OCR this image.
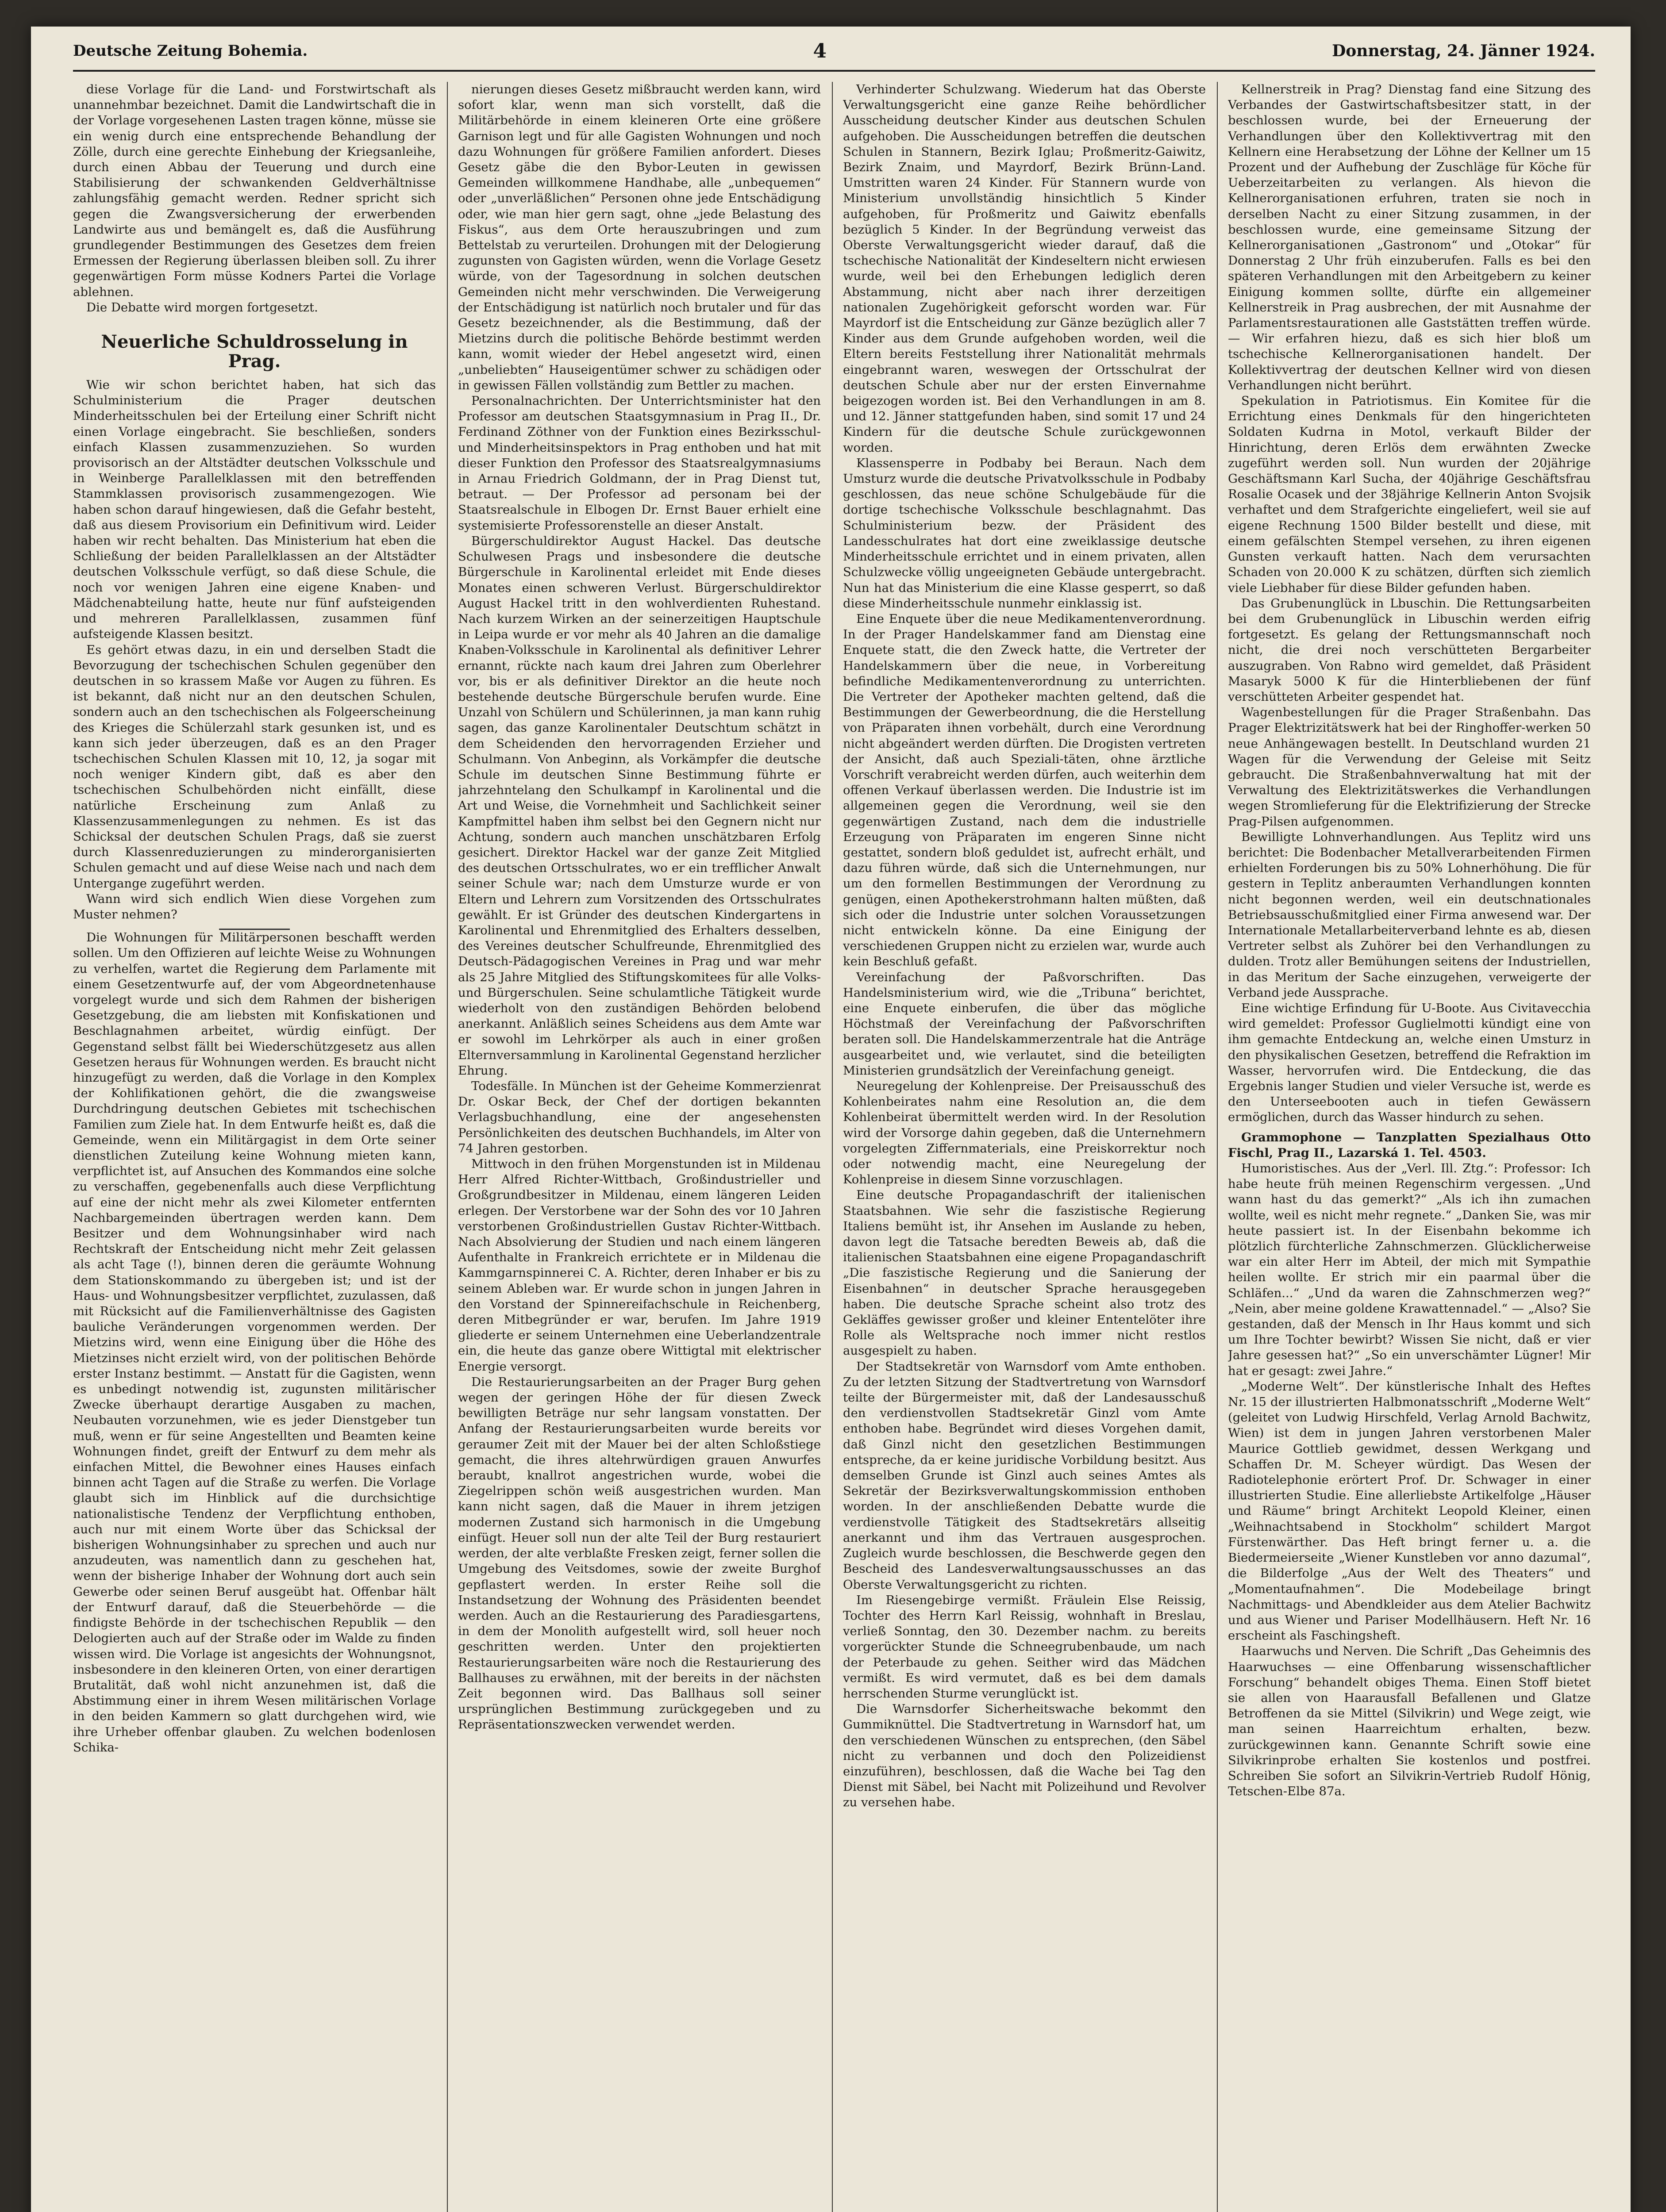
Deutsche Zeitung Bohemia.	4	Donnerstag, 24. Jänner 1924.

diese Vorlage für die Land- und Forstwirtschaft als unannehmbar bezeichnet. Damit die Landwirtschaft die in der Vorlage vorgesehenen Lasten tragen könne, müsse sie ein wenig durch eine entsprechende Behandlung der Zölle, durch eine gerechte Einhebung der Kriegsanleihe, durch einen Abbau der Teuerung und durch eine Stabilisierung der schwankenden Geldverhältnisse zahlungsfähig gemacht werden. Redner spricht sich gegen die Zwangsversicherung der erwerbenden Landwirte aus und bemängelt es, daß die Ausführung grundlegender Bestimmungen des Gesetzes dem freien Ermessen der Regierung überlassen bleiben soll. Zu ihrer gegenwärtigen Form müsse Kodners Partei die Vorlage ablehnen.

Die Debatte wird morgen fortgesetzt.

Neuerliche Schuldrosselung in Prag.

Wie wir schon berichtet haben, hat sich das Schulministerium die Prager deutschen Minderheitsschulen bei der Erteilung einer Schrift nicht einen Vorlage eingebracht. Sie beschließen, sonders einfach Klassen zusammenzuziehen. So wurden provisorisch an der Altstädter deutschen Volksschule und in Weinberge Parallelklassen mit den betreffenden Stammklassen provisorisch zusammengezogen. Wie haben schon darauf hingewiesen, daß die Gefahr besteht, daß aus diesem Provisorium ein Definitivum wird. Leider haben wir recht behalten. Das Ministerium hat eben die Schließung der beiden Parallelklassen an der Altstädter deutschen Volksschule verfügt, so daß diese Schule, die noch vor wenigen Jahren eine eigene Knaben- und Mädchenabteilung hatte, heute nur fünf aufsteigenden und mehreren Parallelklassen, zusammen fünf aufsteigende Klassen besitzt.

Es gehört etwas dazu, in ein und derselben Stadt die Bevorzugung der tschechischen Schulen gegenüber den deutschen in so krassem Maße vor Augen zu führen. Es ist bekannt, daß nicht nur an den deutschen Schulen, sondern auch an den tschechischen als Folgeerscheinung des Krieges die Schülerzahl stark gesunken ist, und es kann sich jeder überzeugen, daß es an den Prager tschechischen Schulen Klassen mit 10, 12, ja sogar mit noch weniger Kindern gibt, daß es aber den tschechischen Schulbehörden nicht einfällt, diese natürliche Erscheinung zum Anlaß zu Klassenzusammenlegungen zu nehmen. Es ist das Schicksal der deutschen Schulen Prags, daß sie zuerst durch Klassenreduzierungen zu minderorganisierten Schulen gemacht und auf diese Weise nach und nach dem Untergange zugeführt werden.

Wann wird sich endlich Wien diese Vorgehen zum Muster nehmen?

Die Wohnungen für Militärpersonen beschafft werden sollen. Um den Offizieren auf leichte Weise zu Wohnungen zu verhelfen, wartet die Regierung dem Parlamente mit einem Gesetzentwurfe auf, der vom Abgeordnetenhause vorgelegt wurde und sich dem Rahmen der bisherigen Gesetzgebung, die am liebsten mit Konfiskationen und Beschlagnahmen arbeitet, würdig einfügt. Der Gegenstand selbst fällt bei Wiederschützgesetz aus allen Gesetzen heraus für Wohnungen werden. Es braucht nicht hinzugefügt zu werden, daß die Vorlage in den Komplex der Kohlifikationen gehört, die die zwangsweise Durchdringung deutschen Gebietes mit tschechischen Familien zum Ziele hat. In dem Entwurfe heißt es, daß die Gemeinde, wenn ein Militärgagist in dem Orte seiner dienstlichen Zuteilung keine Wohnung mieten kann, verpflichtet ist, auf Ansuchen des Kommandos eine solche zu verschaffen, gegebenenfalls auch diese Verpflichtung auf eine der nicht mehr als zwei Kilometer entfernten Nachbargemeinden übertragen werden kann. Dem Besitzer und dem Wohnungsinhaber wird nach Rechtskraft der Entscheidung nicht mehr Zeit gelassen als acht Tage (!), binnen deren die geräumte Wohnung dem Stationskommando zu übergeben ist; und ist der Haus- und Wohnungsbesitzer verpflichtet, zuzulassen, daß mit Rücksicht auf die Familienverhältnisse des Gagisten bauliche Veränderungen vorgenommen werden. Der Mietzins wird, wenn eine Einigung über die Höhe des Mietzinses nicht erzielt wird, von der politischen Behörde erster Instanz bestimmt. — Anstatt für die Gagisten, wenn es unbedingt notwendig ist, zugunsten militärischer Zwecke überhaupt derartige Ausgaben zu machen, Neubauten vorzunehmen, wie es jeder Dienstgeber tun muß, wenn er für seine Angestellten und Beamten keine Wohnungen findet, greift der Entwurf zu dem mehr als einfachen Mittel, die Bewohner eines Hauses einfach binnen acht Tagen auf die Straße zu werfen. Die Vorlage glaubt sich im Hinblick auf die durchsichtige nationalistische Tendenz der Verpflichtung enthoben, auch nur mit einem Worte über das Schicksal der bisherigen Wohnungsinhaber zu sprechen und auch nur anzudeuten, was namentlich dann zu geschehen hat, wenn der bisherige Inhaber der Wohnung dort auch sein Gewerbe oder seinen Beruf ausgeübt hat. Offenbar hält der Entwurf darauf, daß die Steuerbehörde — die findigste Behörde in der tschechischen Republik — den Delogierten auch auf der Straße oder im Walde zu finden wissen wird. Die Vorlage ist angesichts der Wohnungsnot, insbesondere in den kleineren Orten, von einer derartigen Brutalität, daß wohl nicht anzunehmen ist, daß die Abstimmung einer in ihrem Wesen militärischen Vorlage in den beiden Kammern so glatt durchgehen wird, wie ihre Urheber offenbar glauben. Zu welchen bodenlosen Schika-

nierungen dieses Gesetz mißbraucht werden kann, wird sofort klar, wenn man sich vorstellt, daß die Militärbehörde in einem kleineren Orte eine größere Garnison legt und für alle Gagisten Wohnungen und noch dazu Wohnungen für größere Familien anfordert. Dieses Gesetz gäbe die den Bybor-Leuten in gewissen Gemeinden willkommene Handhabe, alle „unbequemen“ oder „unverläßlichen“ Personen ohne jede Entschädigung oder, wie man hier gern sagt, ohne „jede Belastung des Fiskus“, aus dem Orte herauszubringen und zum Bettelstab zu verurteilen. Drohungen mit der Delogierung zugunsten von Gagisten würden, wenn die Vorlage Gesetz würde, von der Tagesordnung in solchen deutschen Gemeinden nicht mehr verschwinden. Die Verweigerung der Entschädigung ist natürlich noch brutaler und für das Gesetz bezeichnender, als die Bestimmung, daß der Mietzins durch die politische Behörde bestimmt werden kann, womit wieder der Hebel angesetzt wird, einen „unbeliebten“ Hauseigentümer schwer zu schädigen oder in gewissen Fällen vollständig zum Bettler zu machen.

Personalnachrichten. Der Unterrichtsminister hat den Professor am deutschen Staatsgymnasium in Prag II., Dr. Ferdinand Zöthner von der Funktion eines Bezirksschul- und Minderheitsinspektors in Prag enthoben und hat mit dieser Funktion den Professor des Staatsrealgymnasiums in Arnau Friedrich Goldmann, der in Prag Dienst tut, betraut. — Der Professor ad personam bei der Staatsrealschule in Elbogen Dr. Ernst Bauer erhielt eine systemisierte Professorenstelle an dieser Anstalt.

Bürgerschuldirektor August Hackel. Das deutsche Schulwesen Prags und insbesondere die deutsche Bürgerschule in Karolinental erleidet mit Ende dieses Monates einen schweren Verlust. Bürgerschuldirektor August Hackel tritt in den wohlverdienten Ruhestand. Nach kurzem Wirken an der seinerzeitigen Hauptschule in Leipa wurde er vor mehr als 40 Jahren an die damalige Knaben-Volksschule in Karolinental als definitiver Lehrer ernannt, rückte nach kaum drei Jahren zum Oberlehrer vor, bis er als definitiver Direktor an die heute noch bestehende deutsche Bürgerschule berufen wurde. Eine Unzahl von Schülern und Schülerinnen, ja man kann ruhig sagen, das ganze Karolinentaler Deutschtum schätzt in dem Scheidenden den hervorragenden Erzieher und Schulmann. Von Anbeginn, als Vorkämpfer die deutsche Schule im deutschen Sinne Bestimmung führte er jahrzehntelang den Schulkampf in Karolinental und die Art und Weise, die Vornehmheit und Sachlichkeit seiner Kampfmittel haben ihm selbst bei den Gegnern nicht nur Achtung, sondern auch manchen unschätzbaren Erfolg gesichert. Direktor Hackel war der ganze Zeit Mitglied des deutschen Ortsschulrates, wo er ein trefflicher Anwalt seiner Schule war; nach dem Umsturze wurde er von Eltern und Lehrern zum Vorsitzenden des Ortsschulrates gewählt. Er ist Gründer des deutschen Kindergartens in Karolinental und Ehrenmitglied des Erhalters desselben, des Vereines deutscher Schulfreunde, Ehrenmitglied des Deutsch-Pädagogischen Vereines in Prag und war mehr als 25 Jahre Mitglied des Stiftungskomitees für alle Volks- und Bürgerschulen. Seine schulamtliche Tätigkeit wurde wiederholt von den zuständigen Behörden belobend anerkannt. Anläßlich seines Scheidens aus dem Amte war er sowohl im Lehrkörper als auch in einer großen Elternversammlung in Karolinental Gegenstand herzlicher Ehrung.

Todesfälle. In München ist der Geheime Kommerzienrat Dr. Oskar Beck, der Chef der dortigen bekannten Verlagsbuchhandlung, eine der angesehensten Persönlichkeiten des deutschen Buchhandels, im Alter von 74 Jahren gestorben.

Mittwoch in den frühen Morgenstunden ist in Mildenau Herr Alfred Richter-Wittbach, Großindustrieller und Großgrundbesitzer in Mildenau, einem längeren Leiden erlegen. Der Verstorbene war der Sohn des vor 10 Jahren verstorbenen Großindustriellen Gustav Richter-Wittbach. Nach Absolvierung der Studien und nach einem längeren Aufenthalte in Frankreich errichtete er in Mildenau die Kammgarnspinnerei C. A. Richter, deren Inhaber er bis zu seinem Ableben war. Er wurde schon in jungen Jahren in den Vorstand der Spinnereifachschule in Reichenberg, deren Mitbegründer er war, berufen. Im Jahre 1919 gliederte er seinem Unternehmen eine Ueberlandzentrale ein, die heute das ganze obere Wittigtal mit elektrischer Energie versorgt.

Die Restaurierungsarbeiten an der Prager Burg gehen wegen der geringen Höhe der für diesen Zweck bewilligten Beträge nur sehr langsam vonstatten. Der Anfang der Restaurierungsarbeiten wurde bereits vor geraumer Zeit mit der Mauer bei der alten Schloßstiege gemacht, die ihres altehrwürdigen grauen Anwurfes beraubt, knallrot angestrichen wurde, wobei die Ziegelrippen schön weiß ausgestrichen wurden. Man kann nicht sagen, daß die Mauer in ihrem jetzigen modernen Zustand sich harmonisch in die Umgebung einfügt. Heuer soll nun der alte Teil der Burg restauriert werden, der alte verblaßte Fresken zeigt, ferner sollen die Umgebung des Veitsdomes, sowie der zweite Burghof gepflastert werden. In erster Reihe soll die Instandsetzung der Wohnung des Präsidenten beendet werden. Auch an die Restaurierung des Paradiesgartens, in dem der Monolith aufgestellt wird, soll heuer noch geschritten werden. Unter den projektierten Restaurierungsarbeiten wäre noch die Restaurierung des Ballhauses zu erwähnen, mit der bereits in der nächsten Zeit begonnen wird. Das Ballhaus soll seiner ursprünglichen Bestimmung zurückgegeben und zu Repräsentationszwecken verwendet werden.

Verhinderter Schulzwang. Wiederum hat das Oberste Verwaltungsgericht eine ganze Reihe behördlicher Ausscheidung deutscher Kinder aus deutschen Schulen aufgehoben. Die Ausscheidungen betreffen die deutschen Schulen in Stannern, Bezirk Iglau; Proßmeritz-Gaiwitz, Bezirk Znaim, und Mayrdorf, Bezirk Brünn-Land. Umstritten waren 24 Kinder. Für Stannern wurde von Ministerium unvollständig hinsichtlich 5 Kinder aufgehoben, für Proßmeritz und Gaiwitz ebenfalls bezüglich 5 Kinder. In der Begründung verweist das Oberste Verwaltungsgericht wieder darauf, daß die tschechische Nationalität der Kindeseltern nicht erwiesen wurde, weil bei den Erhebungen lediglich deren Abstammung, nicht aber nach ihrer derzeitigen nationalen Zugehörigkeit geforscht worden war. Für Mayrdorf ist die Entscheidung zur Gänze bezüglich aller 7 Kinder aus dem Grunde aufgehoben worden, weil die Eltern bereits Feststellung ihrer Nationalität mehrmals eingebrannt waren, weswegen der Ortsschulrat der deutschen Schule aber nur der ersten Einvernahme beigezogen worden ist. Bei den Verhandlungen in am 8. und 12. Jänner stattgefunden haben, sind somit 17 und 24 Kindern für die deutsche Schule zurückgewonnen worden.

Klassensperre in Podbaby bei Beraun. Nach dem Umsturz wurde die deutsche Privatvolksschule in Podbaby geschlossen, das neue schöne Schulgebäude für die dortige tschechische Volksschule beschlagnahmt. Das Schulministerium bezw. der Präsident des Landesschulrates hat dort eine zweiklassige deutsche Minderheitsschule errichtet und in einem privaten, allen Schulzwecke völlig ungeeigneten Gebäude untergebracht. Nun hat das Ministerium die eine Klasse gesperrt, so daß diese Minderheitsschule nunmehr einklassig ist.

Eine Enquete über die neue Medikamentenverordnung. In der Prager Handelskammer fand am Dienstag eine Enquete statt, die den Zweck hatte, die Vertreter der Handelskammern über die neue, in Vorbereitung befindliche Medikamentenverordnung zu unterrichten. Die Vertreter der Apotheker machten geltend, daß die Bestimmungen der Gewerbeordnung, die die Herstellung von Präparaten ihnen vorbehält, durch eine Verordnung nicht abgeändert werden dürften. Die Drogisten vertreten der Ansicht, daß auch Speziali-täten, ohne ärztliche Vorschrift verabreicht werden dürfen, auch weiterhin dem offenen Verkauf überlassen werden. Die Industrie ist im allgemeinen gegen die Verordnung, weil sie den gegenwärtigen Zustand, nach dem die industrielle Erzeugung von Präparaten im engeren Sinne nicht gestattet, sondern bloß geduldet ist, aufrecht erhält, und dazu führen würde, daß sich die Unternehmungen, nur um den formellen Bestimmungen der Verordnung zu genügen, einen Apothekerstrohmann halten müßten, daß sich oder die Industrie unter solchen Voraussetzungen nicht entwickeln könne. Da eine Einigung der verschiedenen Gruppen nicht zu erzielen war, wurde auch kein Beschluß gefaßt.

Vereinfachung der Paßvorschriften. Das Handelsministerium wird, wie die „Tribuna“ berichtet, eine Enquete einberufen, die über das mögliche Höchstmaß der Vereinfachung der Paßvorschriften beraten soll. Die Handelskammerzentrale hat die Anträge ausgearbeitet und, wie verlautet, sind die beteiligten Ministerien grundsätzlich der Vereinfachung geneigt.

Neuregelung der Kohlenpreise. Der Preisausschuß des Kohlenbeirates nahm eine Resolution an, die dem Kohlenbeirat übermittelt werden wird. In der Resolution wird der Vorsorge dahin gegeben, daß die Unternehmern vorgelegten Ziffernmaterials, eine Preiskorrektur noch oder notwendig macht, eine Neuregelung der Kohlenpreise in diesem Sinne vorzuschlagen.

Eine deutsche Propagandaschrift der italienischen Staatsbahnen. Wie sehr die faszistische Regierung Italiens bemüht ist, ihr Ansehen im Auslande zu heben, davon legt die Tatsache beredten Beweis ab, daß die italienischen Staatsbahnen eine eigene Propagandaschrift „Die faszistische Regierung und die Sanierung der Eisenbahnen“ in deutscher Sprache herausgegeben haben. Die deutsche Sprache scheint also trotz des Gekläffes gewisser großer und kleiner Ententelöter ihre Rolle als Weltsprache noch immer nicht restlos ausgespielt zu haben.

Der Stadtsekretär von Warnsdorf vom Amte enthoben. Zu der letzten Sitzung der Stadtvertretung von Warnsdorf teilte der Bürgermeister mit, daß der Landesausschuß den verdienstvollen Stadtsekretär Ginzl vom Amte enthoben habe. Begründet wird dieses Vorgehen damit, daß Ginzl nicht den gesetzlichen Bestimmungen entspreche, da er keine juridische Vorbildung besitzt. Aus demselben Grunde ist Ginzl auch seines Amtes als Sekretär der Bezirksverwaltungskommission enthoben worden. In der anschließenden Debatte wurde die verdienstvolle Tätigkeit des Stadtsekretärs allseitig anerkannt und ihm das Vertrauen ausgesprochen. Zugleich wurde beschlossen, die Beschwerde gegen den Bescheid des Landesverwaltungsausschusses an das Oberste Verwaltungsgericht zu richten.

Im Riesengebirge vermißt. Fräulein Else Reissig, Tochter des Herrn Karl Reissig, wohnhaft in Breslau, verließ Sonntag, den 30. Dezember nachm. zu bereits vorgerückter Stunde die Schneegrubenbaude, um nach der Peterbaude zu gehen. Seither wird das Mädchen vermißt. Es wird vermutet, daß es bei dem damals herrschenden Sturme verunglückt ist.

Die Warnsdorfer Sicherheitswache bekommt den Gummiknüttel. Die Stadtvertretung in Warnsdorf hat, um den verschiedenen Wünschen zu entsprechen, (den Säbel nicht zu verbannen und doch den Polizeidienst einzuführen), beschlossen, daß die Wache bei Tag den Dienst mit Säbel, bei Nacht mit Polizeihund und Revolver zu versehen habe.

Kellnerstreik in Prag? Dienstag fand eine Sitzung des Verbandes der Gastwirtschaftsbesitzer statt, in der beschlossen wurde, bei der Erneuerung der Verhandlungen über den Kollektivvertrag mit den Kellnern eine Herabsetzung der Löhne der Kellner um 15 Prozent und der Aufhebung der Zuschläge für Köche für Ueberzeitarbeiten zu verlangen. Als hievon die Kellnerorganisationen erfuhren, traten sie noch in derselben Nacht zu einer Sitzung zusammen, in der beschlossen wurde, eine gemeinsame Sitzung der Kellnerorganisationen „Gastronom“ und „Otokar“ für Donnerstag 2 Uhr früh einzuberufen. Falls es bei den späteren Verhandlungen mit den Arbeitgebern zu keiner Einigung kommen sollte, dürfte ein allgemeiner Kellnerstreik in Prag ausbrechen, der mit Ausnahme der Parlamentsrestaurationen alle Gaststätten treffen würde. — Wir erfahren hiezu, daß es sich hier bloß um tschechische Kellnerorganisationen handelt. Der Kollektivvertrag der deutschen Kellner wird von diesen Verhandlungen nicht berührt.

Spekulation in Patriotismus. Ein Komitee für die Errichtung eines Denkmals für den hingerichteten Soldaten Kudrna in Motol, verkauft Bilder der Hinrichtung, deren Erlös dem erwähnten Zwecke zugeführt werden soll. Nun wurden der 20jährige Geschäftsmann Karl Sucha, der 40jährige Geschäftsfrau Rosalie Ocasek und der 38jährige Kellnerin Anton Svojsik verhaftet und dem Strafgerichte eingeliefert, weil sie auf eigene Rechnung 1500 Bilder bestellt und diese, mit einem gefälschten Stempel versehen, zu ihren eigenen Gunsten verkauft hatten. Nach dem verursachten Schaden von 20.000 K zu schätzen, dürften sich ziemlich viele Liebhaber für diese Bilder gefunden haben.

Das Grubenunglück in Lbuschin. Die Rettungsarbeiten bei dem Grubenunglück in Libuschin werden eifrig fortgesetzt. Es gelang der Rettungsmannschaft noch nicht, die drei noch verschütteten Bergarbeiter auszugraben. Von Rabno wird gemeldet, daß Präsident Masaryk 5000 K für die Hinterbliebenen der fünf verschütteten Arbeiter gespendet hat.

Wagenbestellungen für die Prager Straßenbahn. Das Prager Elektrizitätswerk hat bei der Ringhoffer-werken 50 neue Anhängewagen bestellt. In Deutschland wurden 21 Wagen für die Verwendung der Geleise mit Seitz gebraucht. Die Straßenbahnverwaltung hat mit der Verwaltung des Elektrizitätswerkes die Verhandlungen wegen Stromlieferung für die Elektrifizierung der Strecke Prag-Pilsen aufgenommen.

Bewilligte Lohnverhandlungen. Aus Teplitz wird uns berichtet: Die Bodenbacher Metallverarbeitenden Firmen erhielten Forderungen bis zu 50% Lohnerhöhung. Die für gestern in Teplitz anberaumten Verhandlungen konnten nicht begonnen werden, weil ein deutschnationales Betriebsausschußmitglied einer Firma anwesend war. Der Internationale Metallarbeiterverband lehnte es ab, diesen Vertreter selbst als Zuhörer bei den Verhandlungen zu dulden. Trotz aller Bemühungen seitens der Industriellen, in das Meritum der Sache einzugehen, verweigerte der Verband jede Aussprache.

Eine wichtige Erfindung für U-Boote. Aus Civitavecchia wird gemeldet: Professor Guglielmotti kündigt eine von ihm gemachte Entdeckung an, welche einen Umsturz in den physikalischen Gesetzen, betreffend die Refraktion im Wasser, hervorrufen wird. Die Entdeckung, die das Ergebnis langer Studien und vieler Versuche ist, werde es den Unterseebooten auch in tiefen Gewässern ermöglichen, durch das Wasser hindurch zu sehen.

Grammophone — Tanzplatten Spezialhaus Otto Fischl, Prag II., Lazarská 1. Tel. 4503.

Humoristisches. Aus der „Verl. Ill. Ztg.“: Professor: Ich habe heute früh meinen Regenschirm vergessen. „Und wann hast du das gemerkt?“ „Als ich ihn zumachen wollte, weil es nicht mehr regnete.“ „Danken Sie, was mir heute passiert ist. In der Eisenbahn bekomme ich plötzlich fürchterliche Zahnschmerzen. Glücklicherweise war ein alter Herr im Abteil, der mich mit Sympathie heilen wollte. Er strich mir ein paarmal über die Schläfen...“ „Und da waren die Zahnschmerzen weg?“ „Nein, aber meine goldene Krawattennadel.“ — „Also? Sie gestanden, daß der Mensch in Ihr Haus kommt und sich um Ihre Tochter bewirbt? Wissen Sie nicht, daß er vier Jahre gesessen hat?“ „So ein unverschämter Lügner! Mir hat er gesagt: zwei Jahre.“

„Moderne Welt“. Der künstlerische Inhalt des Heftes Nr. 15 der illustrierten Halbmonatsschrift „Moderne Welt“ (geleitet von Ludwig Hirschfeld, Verlag Arnold Bachwitz, Wien) ist dem in jungen Jahren verstorbenen Maler Maurice Gottlieb gewidmet, dessen Werkgang und Schaffen Dr. M. Scheyer würdigt. Das Wesen der Radiotelephonie erörtert Prof. Dr. Schwager in einer illustrierten Studie. Eine allerliebste Artikelfolge „Häuser und Räume“ bringt Architekt Leopold Kleiner, einen „Weihnachtsabend in Stockholm“ schildert Margot Fürstenwärther. Das Heft bringt ferner u. a. die Biedermeierseite „Wiener Kunstleben vor anno dazumal“, die Bilderfolge „Aus der Welt des Theaters“ und „Momentaufnahmen“. Die Modebeilage bringt Nachmittags- und Abendkleider aus dem Atelier Bachwitz und aus Wiener und Pariser Modellhäusern. Heft Nr. 16 erscheint als Faschingsheft.

Haarwuchs und Nerven. Die Schrift „Das Geheimnis des Haarwuchses — eine Offenbarung wissenschaftlicher Forschung“ behandelt obiges Thema. Einen Stoff bietet sie allen von Haarausfall Befallenen und Glatze Betroffenen da sie Mittel (Silvikrin) und Wege zeigt, wie man seinen Haarreichtum erhalten, bezw. zurückgewinnen kann. Genannte Schrift sowie eine Silvikrinprobe erhalten Sie kostenlos und postfrei. Schreiben Sie sofort an Silvikrin-Vertrieb Rudolf Hönig, Tetschen-Elbe 87a.
